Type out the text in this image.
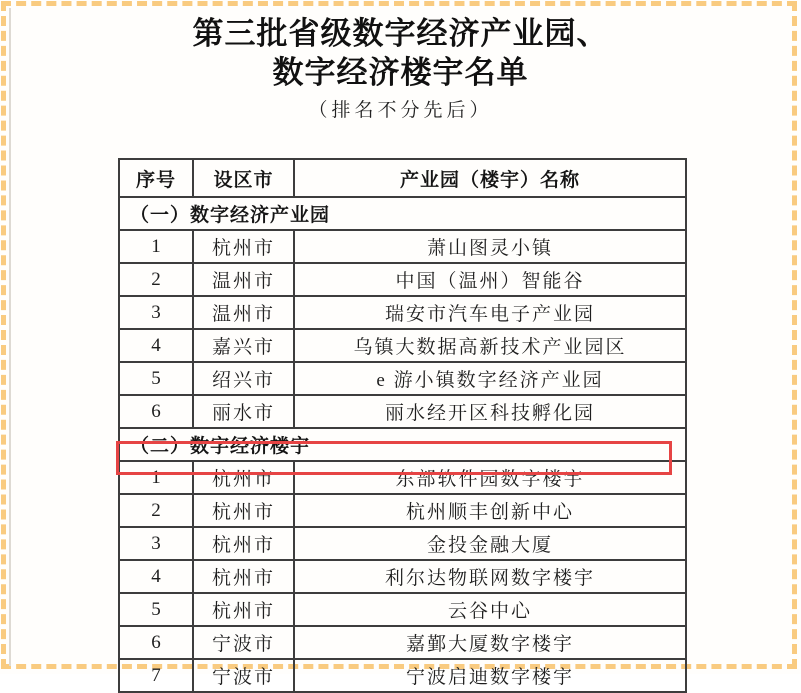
第三批省级数字经济产业园、
数字经济楼宇名单
（排名不分先后）
序号	设区市	产业园（楼宇）名称
（一）数字经济产业园		
1	杭州市	萧山图灵小镇
2	温州市	中国（温州）智能谷
3	温州市	瑞安市汽车电子产业园
4	嘉兴市	乌镇大数据高新技术产业园区
5	绍兴市	e 游小镇数字经济产业园
6	丽水市	丽水经开区科技孵化园
（二）数字经济楼宇		
1	杭州市	东部软件园数字楼宇
2	杭州市	杭州顺丰创新中心
3	杭州市	金投金融大厦
4	杭州市	利尔达物联网数字楼宇
5	杭州市	云谷中心
6	宁波市	嘉鄞大厦数字楼宇
7	宁波市	宁波启迪数字楼宇
